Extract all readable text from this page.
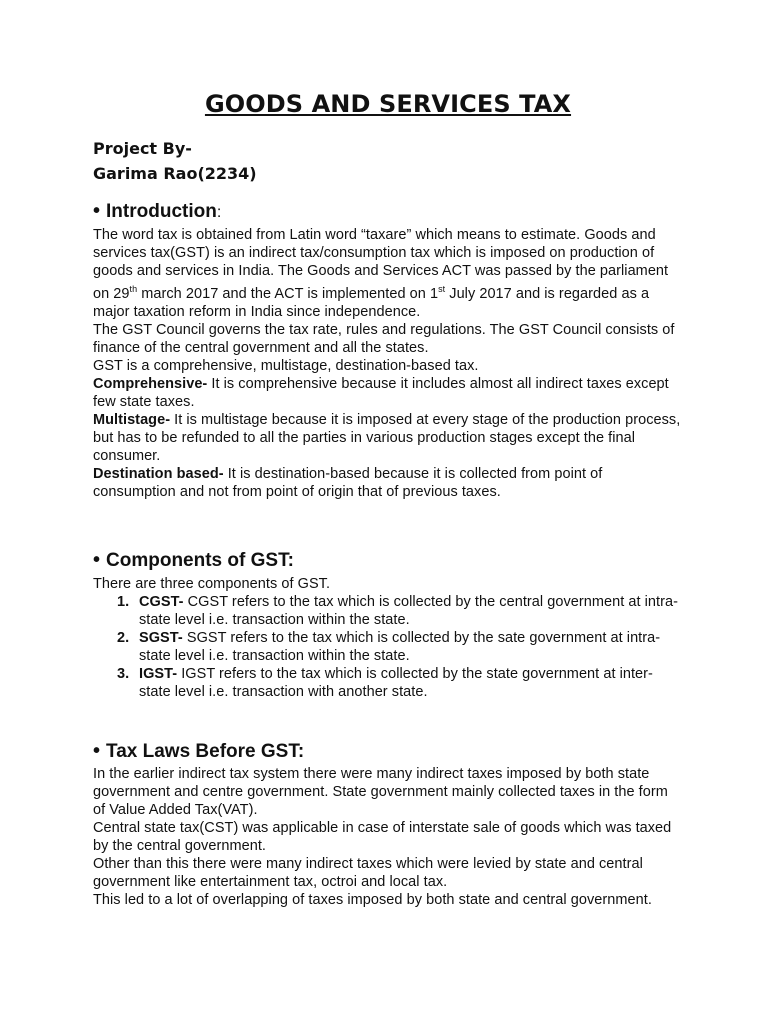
GOODS AND SERVICES TAX
Project By-
Garima Rao(2234)
• Introduction:

The word tax is obtained from Latin word “taxare” which means to estimate. Goods and services tax(GST) is an indirect tax/consumption tax which is imposed on production of goods and services in India. The Goods and Services ACT was passed by the parliament on 29th march 2017 and the ACT is implemented on 1st July 2017 and is regarded as a major taxation reform in India since independence.

The GST Council governs the tax rate, rules and regulations. The GST Council consists of finance of the central government and all the states.

GST is a comprehensive, multistage, destination-based tax.

Comprehensive- It is comprehensive because it includes almost all indirect taxes except few state taxes.

Multistage- It is multistage because it is imposed at every stage of the production process, but has to be refunded to all the parties in various production stages except the final consumer.

Destination based- It is destination-based because it is collected from point of consumption and not from point of origin that of previous taxes.

• Components of GST:

There are three components of GST.

1. CGST- CGST refers to the tax which is collected by the central government at intra-state level i.e. transaction within the state.
2. SGST- SGST refers to the tax which is collected by the sate government at intra-state level i.e. transaction within the state.
3. IGST- IGST refers to the tax which is collected by the state government at inter-state level i.e. transaction with another state.
• Tax Laws Before GST:

In the earlier indirect tax system there were many indirect taxes imposed by both state government and centre government. State government mainly collected taxes in the form of Value Added Tax(VAT).

Central state tax(CST) was applicable in case of interstate sale of goods which was taxed by the central government.

Other than this there were many indirect taxes which were levied by state and central government like entertainment tax, octroi and local tax.

This led to a lot of overlapping of taxes imposed by both state and central government.
